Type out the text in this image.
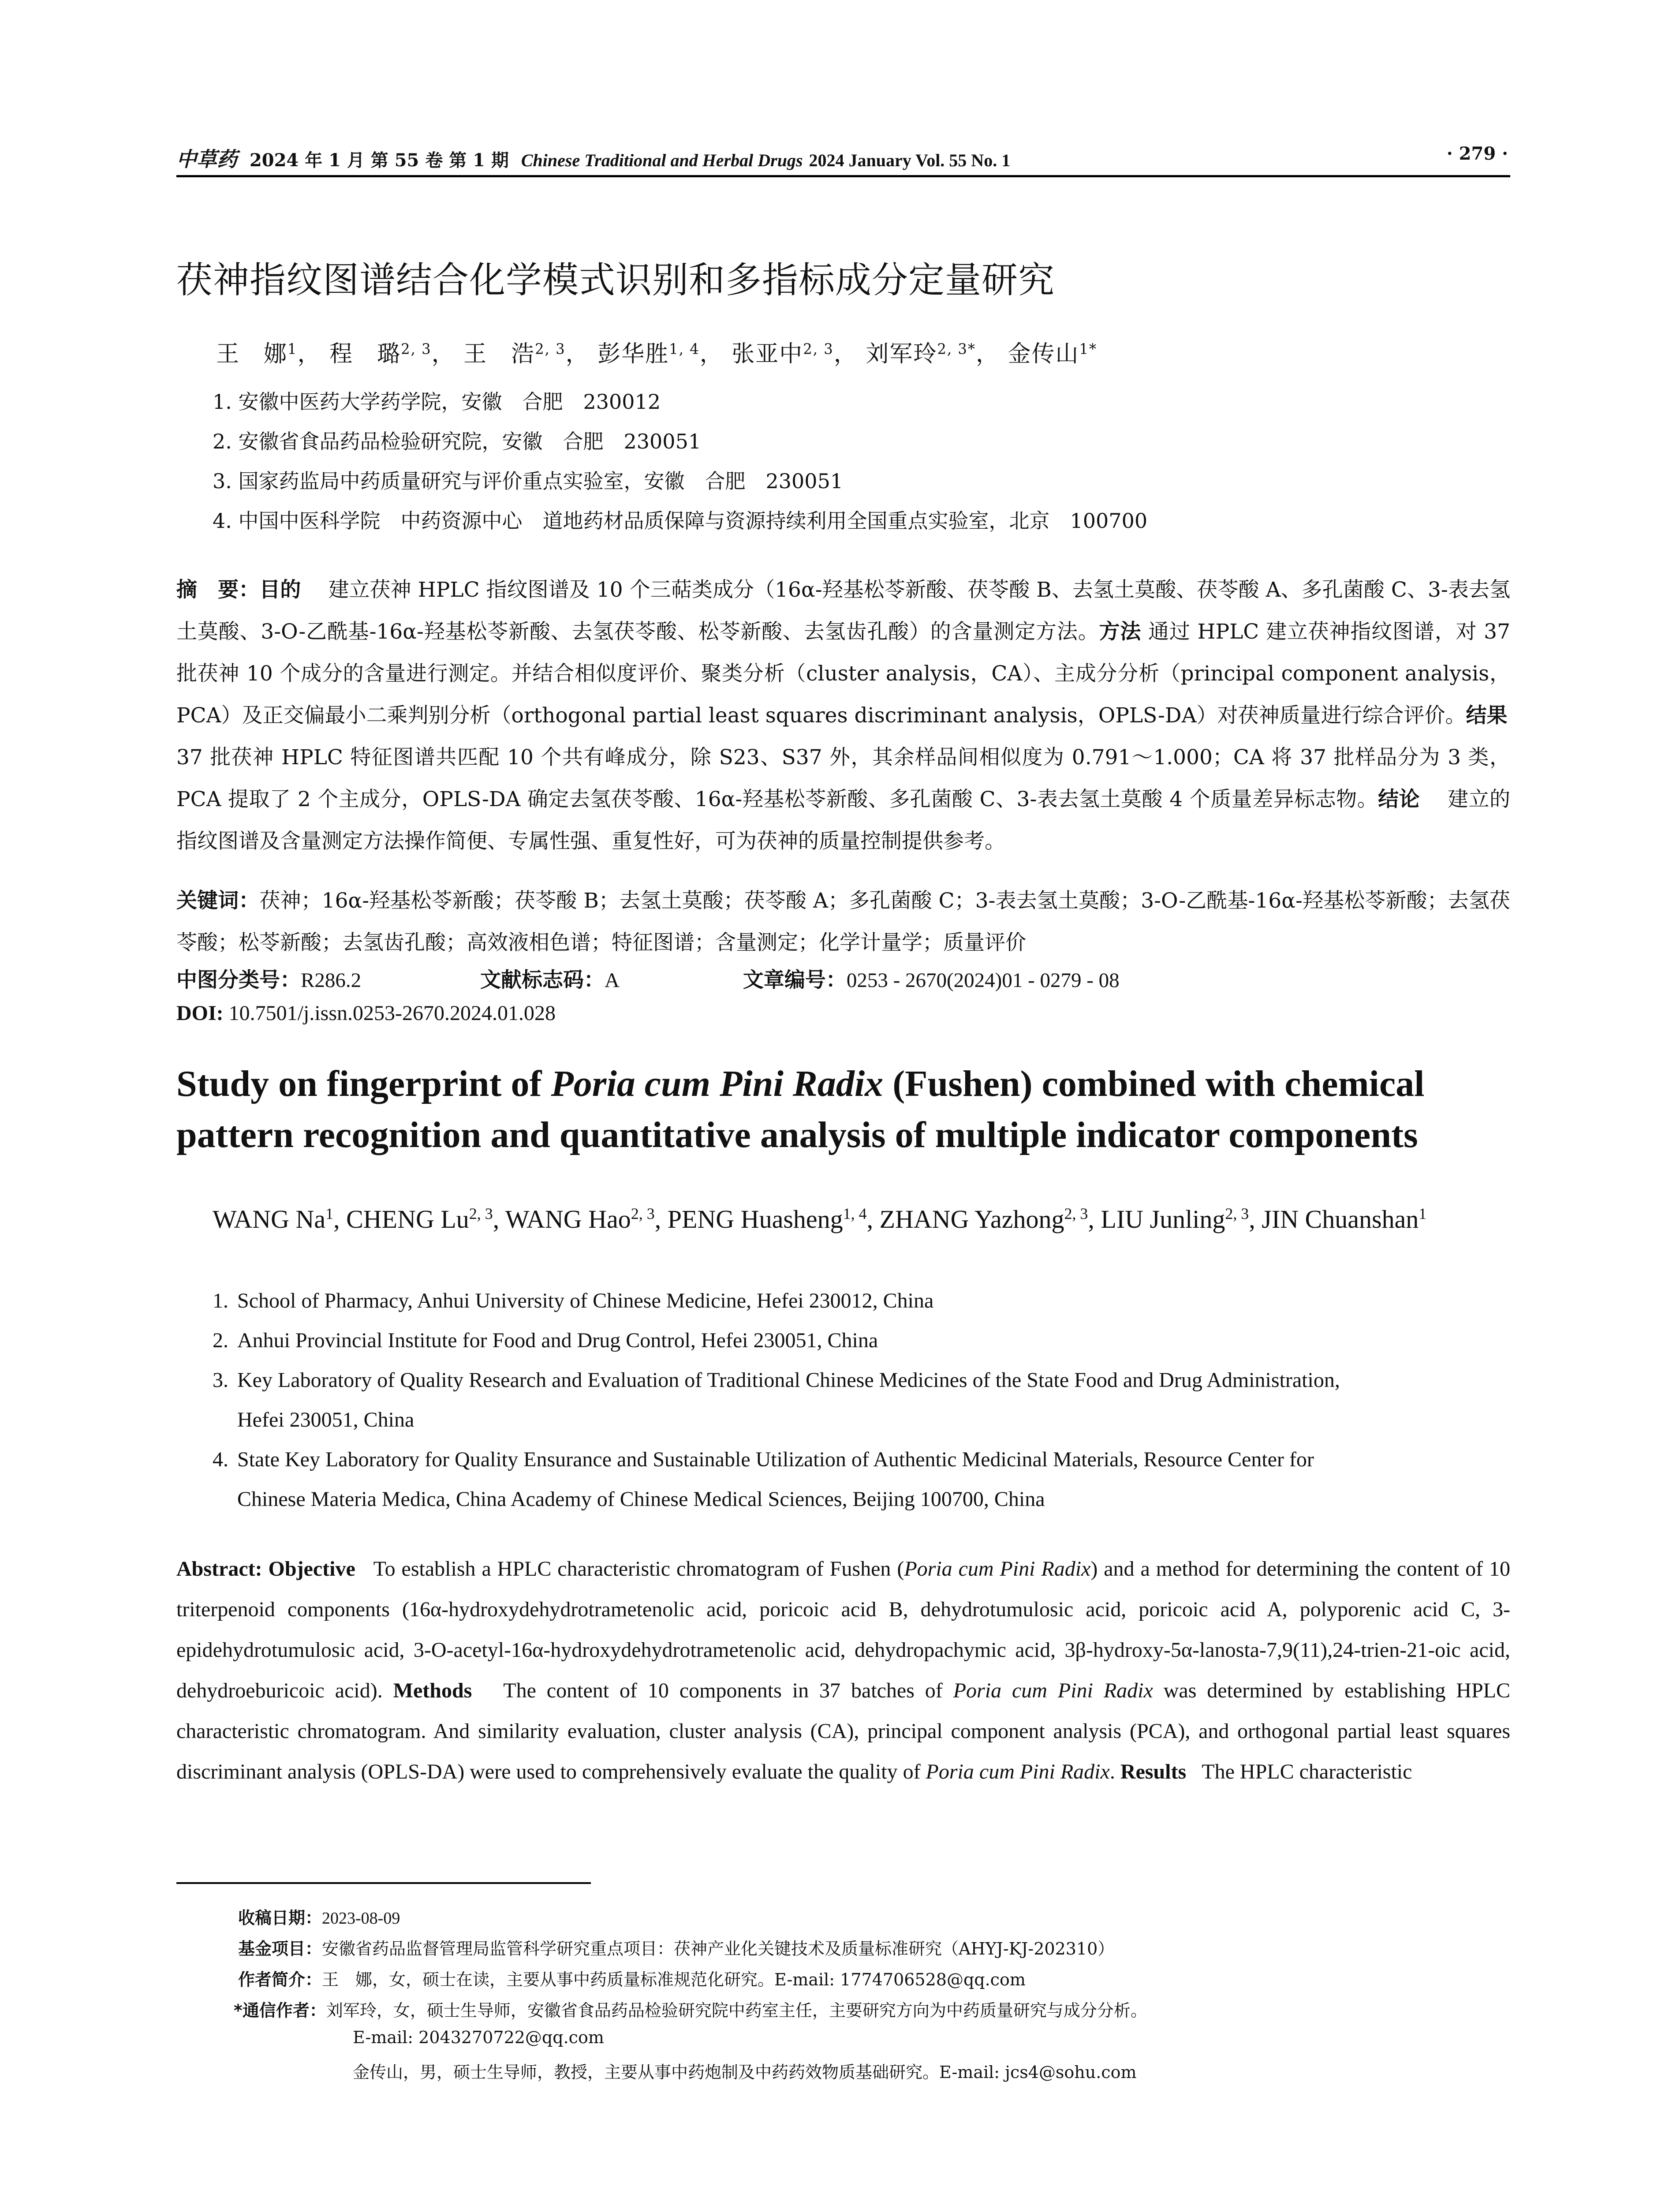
中草药 2024 年 1 月 第 55 卷 第 1 期 Chinese Traditional and Herbal Drugs 2024 January Vol. 55 No. 1	· 279 ·
茯神指纹图谱结合化学模式识别和多指标成分定量研究
王　娜$^1$， 程　璐$^{2, 3}$， 王　浩$^{2, 3}$， 彭华胜$^{1, 4}$， 张亚中$^{2, 3}$， 刘军玲$^{2, 3*}$， 金传山$^{1*}$
1. 安徽中医药大学药学院，安徽　合肥　230012
2. 安徽省食品药品检验研究院，安徽　合肥　230051
3. 国家药监局中药质量研究与评价重点实验室，安徽　合肥　230051
4. 中国中医科学院　中药资源中心　道地药材品质保障与资源持续利用全国重点实验室，北京　100700

摘　要：目的　 建立茯神 HPLC 指纹图谱及 10 个三萜类成分（16α-羟基松苓新酸、茯苓酸 B、去氢土莫酸、茯苓酸 A、多孔菌酸 C、3-表去氢土莫酸、3-O-乙酰基-16α-羟基松苓新酸、去氢茯苓酸、松苓新酸、去氢齿孔酸）的含量测定方法。方法 通过 HPLC 建立茯神指纹图谱，对 37 批茯神 10 个成分的含量进行测定。并结合相似度评价、聚类分析（cluster analysis，CA）、主成分分析（principal component analysis，PCA）及正交偏最小二乘判别分析（orthogonal partial least squares discriminant analysis，OPLS-DA）对茯神质量进行综合评价。结果　 37 批茯神 HPLC 特征图谱共匹配 10 个共有峰成分，除 S23、S37 外，其余样品间相似度为 0.791～1.000；CA 将 37 批样品分为 3 类，PCA 提取了 2 个主成分，OPLS-DA 确定去氢茯苓酸、16α-羟基松苓新酸、多孔菌酸 C、3-表去氢土莫酸 4 个质量差异标志物。结论　 建立的指纹图谱及含量测定方法操作简便、专属性强、重复性好，可为茯神的质量控制提供参考。

关键词：茯神；16α-羟基松苓新酸；茯苓酸 B；去氢土莫酸；茯苓酸 A；多孔菌酸 C；3-表去氢土莫酸；3-O-乙酰基-16α-羟基松苓新酸；去氢茯苓酸；松苓新酸；去氢齿孔酸；高效液相色谱；特征图谱；含量测定；化学计量学；质量评价
中图分类号：R286.2	文献标志码：A	文章编号：0253 - 2670(2024)01 - 0279 - 08
DOI: 10.7501/j.issn.0253-2670.2024.01.028
Study on fingerprint of Poria cum Pini Radix (Fushen) combined with chemical pattern recognition and quantitative analysis of multiple indicator components
WANG Na$^1$, CHENG Lu$^{2, 3}$, WANG Hao$^{2, 3}$, PENG Huasheng$^{1, 4}$, ZHANG Yazhong$^{2, 3}$, LIU Junling$^{2, 3}$, JIN Chuanshan$^1$
1. School of Pharmacy, Anhui University of Chinese Medicine, Hefei 230012, China
2. Anhui Provincial Institute for Food and Drug Control, Hefei 230051, China
3. Key Laboratory of Quality Research and Evaluation of Traditional Chinese Medicines of the State Food and Drug Administration,
Hefei 230051, China
4. State Key Laboratory for Quality Ensurance and Sustainable Utilization of Authentic Medicinal Materials, Resource Center for
Chinese Materia Medica, China Academy of Chinese Medical Sciences, Beijing 100700, China
Abstract: Objective To establish a HPLC characteristic chromatogram of Fushen (Poria cum Pini Radix) and a method for determining the content of 10 triterpenoid components (16α-hydroxydehydrotrametenolic acid, poricoic acid B, dehydrotumulosic acid, poricoic acid A, polyporenic acid C, 3-epidehydrotumulosic acid, 3-O-acetyl-16α-hydroxydehydrotrametenolic acid, dehydropachymic acid, 3β-hydroxy-5α-lanosta-7,9(11),24-trien-21-oic acid, dehydroeburicoic acid). Methods The content of 10 components in 37 batches of Poria cum Pini Radix was determined by establishing HPLC characteristic chromatogram. And similarity evaluation, cluster analysis (CA), principal component analysis (PCA), and orthogonal partial least squares discriminant analysis (OPLS-DA) were used to comprehensively evaluate the quality of Poria cum Pini Radix. Results The HPLC characteristic
收稿日期：2023-08-09
基金项目：安徽省药品监督管理局监管科学研究重点项目：茯神产业化关键技术及质量标准研究（AHYJ-KJ-202310）
作者简介：王　娜，女，硕士在读，主要从事中药质量标准规范化研究。E-mail: 1774706528@qq.com
*通信作者：刘军玲，女，硕士生导师，安徽省食品药品检验研究院中药室主任，主要研究方向为中药质量研究与成分分析。
E-mail: 2043270722@qq.com
金传山，男，硕士生导师，教授，主要从事中药炮制及中药药效物质基础研究。E-mail: jcs4@sohu.com
